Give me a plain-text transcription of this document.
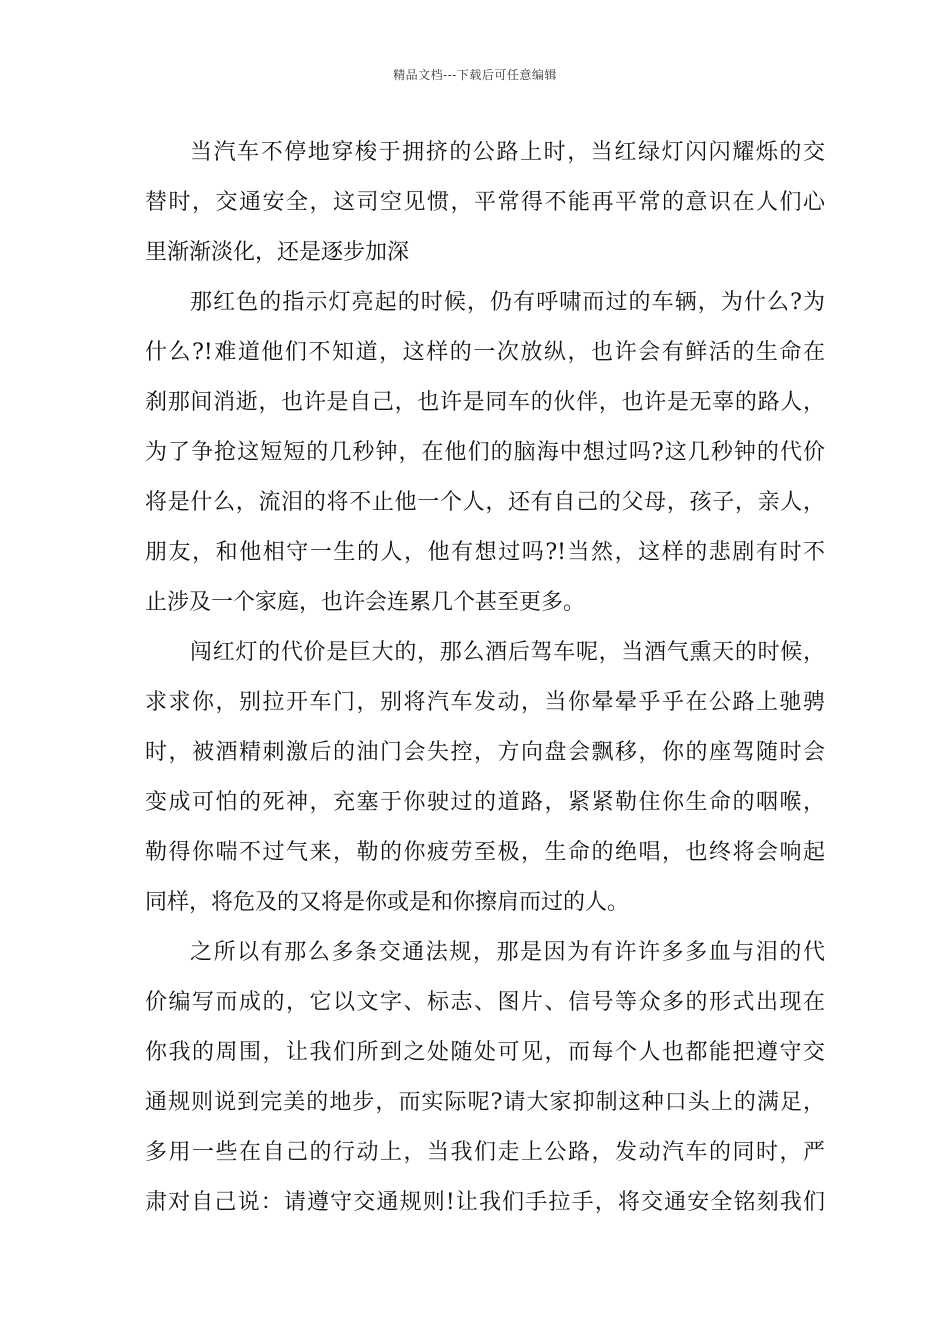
精品文档---下载后可任意编辑
当汽车不停地穿梭于拥挤的公路上时，当红绿灯闪闪耀烁的交
替时，交通安全，这司空见惯，平常得不能再平常的意识在人们心
里渐渐淡化，还是逐步加深
那红色的指示灯亮起的时候，仍有呼啸而过的车辆，为什么?为
什么?!难道他们不知道，这样的一次放纵，也许会有鲜活的生命在
刹那间消逝，也许是自己，也许是同车的伙伴，也许是无辜的路人，
为了争抢这短短的几秒钟，在他们的脑海中想过吗?这几秒钟的代价
将是什么，流泪的将不止他一个人，还有自己的父母，孩子，亲人，
朋友，和他相守一生的人，他有想过吗?!当然，这样的悲剧有时不
止涉及一个家庭，也许会连累几个甚至更多。
闯红灯的代价是巨大的，那么酒后驾车呢，当酒气熏天的时候，
求求你，别拉开车门，别将汽车发动，当你晕晕乎乎在公路上驰骋
时，被酒精刺激后的油门会失控，方向盘会飘移，你的座驾随时会
变成可怕的死神，充塞于你驶过的道路，紧紧勒住你生命的咽喉，
勒得你喘不过气来，勒的你疲劳至极，生命的绝唱，也终将会响起
同样，将危及的又将是你或是和你擦肩而过的人。
之所以有那么多条交通法规，那是因为有许许多多血与泪的代
价编写而成的，它以文字、标志、图片、信号等众多的形式出现在
你我的周围，让我们所到之处随处可见，而每个人也都能把遵守交
通规则说到完美的地步，而实际呢?请大家抑制这种口头上的满足，
多用一些在自己的行动上，当我们走上公路，发动汽车的同时，严
肃对自己说：请遵守交通规则!让我们手拉手，将交通安全铭刻我们
